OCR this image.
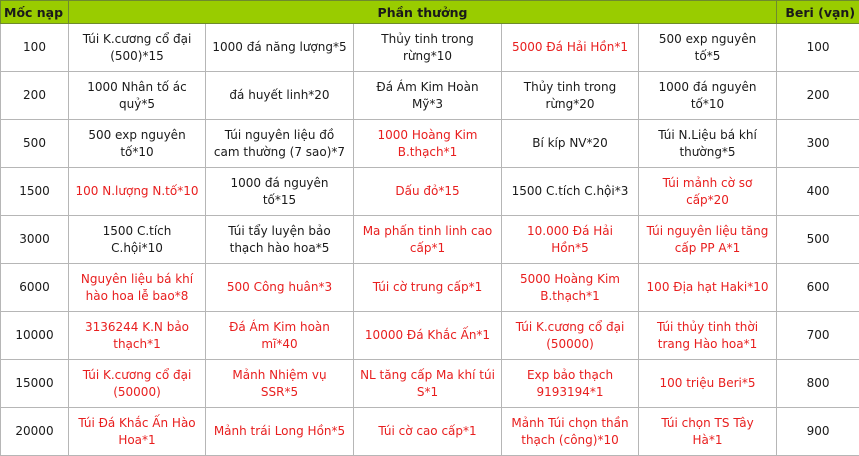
Mốc nạp	Phần thưởng					Beri (vạn)
100	Túi K.cương cổ đại (500)*15	1000 đá năng lượng*5	Thủy tinh trong rừng*10	5000 Đá Hải Hồn*1	500 exp nguyên tố*5	100
200	1000 Nhân tố ác quỷ*5	đá huyết linh*20	Đá Ám Kim Hoàn Mỹ*3	Thủy tinh trong rừng*20	1000 đá nguyên tố*10	200
500	500 exp nguyên tố*10	Túi nguyên liệu đồ cam thường (7 sao)*7	1000 Hoàng Kim B.thạch*1	Bí kíp NV*20	Túi N.Liệu bá khí thường*5	300
1500	100 N.lượng N.tố*10	1000 đá nguyên tố*15	Dấu đỏ*15	1500 C.tích C.hội*3	Túi mảnh cờ sơ cấp*20	400
3000	1500 C.tích C.hội*10	Túi tẩy luyện bảo thạch hào hoa*5	Ma phấn tinh linh cao cấp*1	10.000 Đá Hải Hồn*5	Túi nguyên liệu tăng cấp PP A*1	500
6000	Nguyên liệu bá khí hào hoa lễ bao*8	500 Công huân*3	Túi cờ trung cấp*1	5000 Hoàng Kim B.thạch*1	100 Địa hạt Haki*10	600
10000	3136244 K.N bảo thạch*1	Đá Ám Kim hoàn mĩ*40	10000 Đá Khắc Ấn*1	Túi K.cương cổ đại (50000)	Túi thủy tinh thời trang Hào hoa*1	700
15000	Túi K.cương cổ đại (50000)	Mảnh Nhiệm vụ SSR*5	NL tăng cấp Ma khí túi S*1	Exp bảo thạch 9193194*1	100 triệu Beri*5	800
20000	Túi Đá Khắc Ấn Hào Hoa*1	Mảnh trái Long Hồn*5	Túi cờ cao cấp*1	Mảnh Túi chọn thần thạch (công)*10	Túi chọn TS Tây Hà*1	900
